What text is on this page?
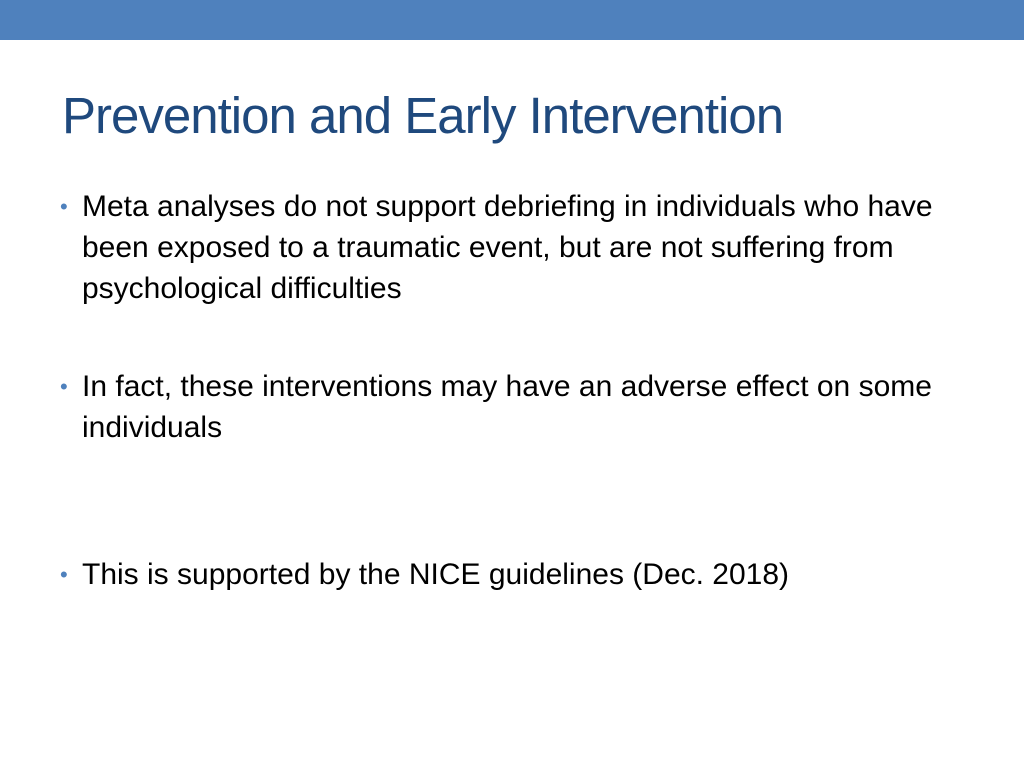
Prevention and Early Intervention
• Meta analyses do not support debriefing in individuals who have been exposed to a traumatic event, but are not suffering from psychological difficulties
• In fact, these interventions may have an adverse effect on some individuals
• This is supported by the NICE guidelines (Dec. 2018)
